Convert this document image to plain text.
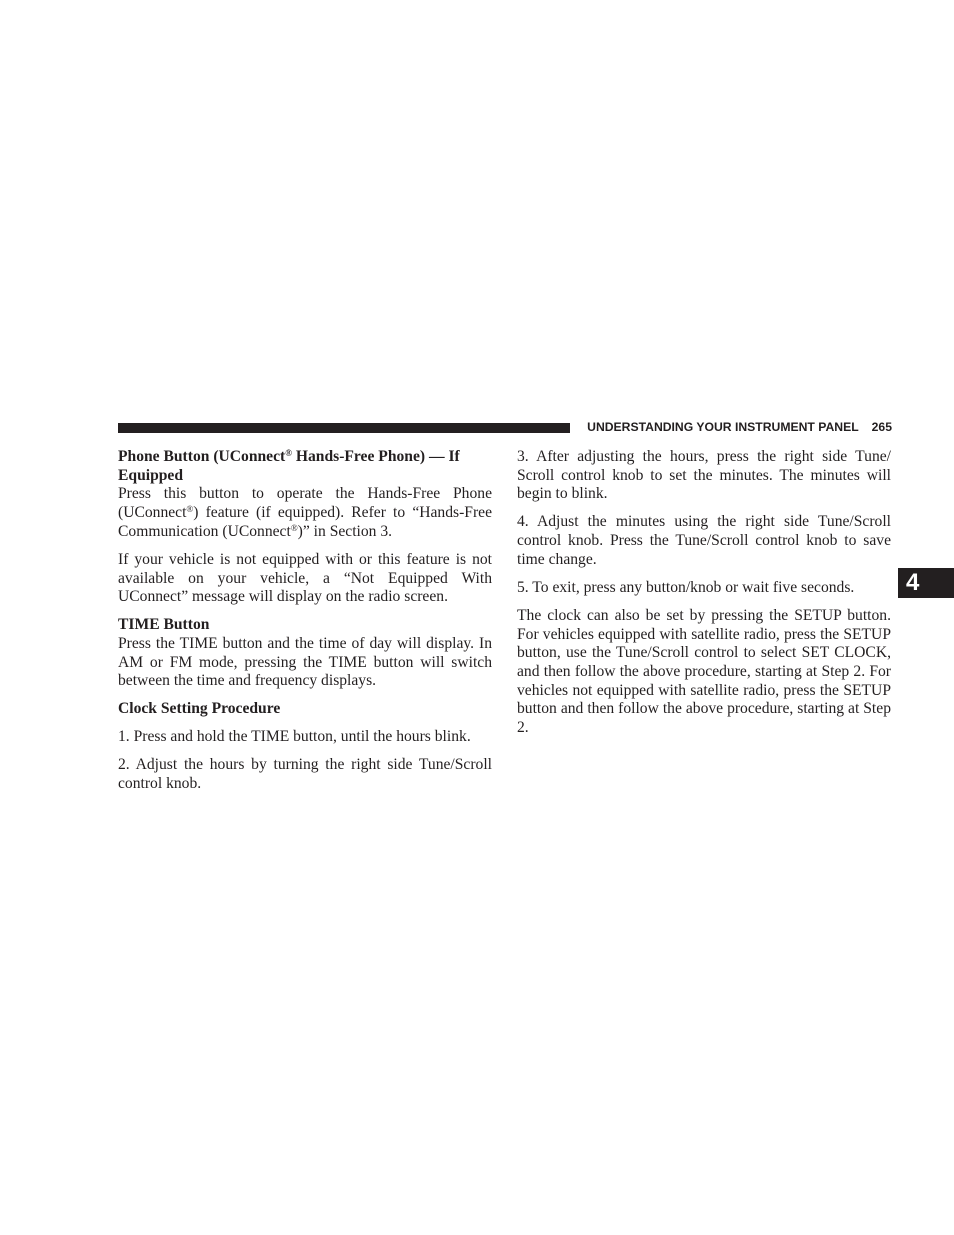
UNDERSTANDING YOUR INSTRUMENT PANEL 265
4

Phone Button (UConnect® Hands-Free Phone) — If Equipped

Press this button to operate the Hands-Free Phone (UConnect®) feature (if equipped). Refer to “Hands-Free Communication (UConnect®)” in Section 3.

If your vehicle is not equipped with or this feature is not available on your vehicle, a “Not Equipped With UConnect” message will display on the radio screen.

TIME Button

Press the TIME button and the time of day will display. In AM or FM mode, pressing the TIME button will switch between the time and frequency displays.

Clock Setting Procedure

1. Press and hold the TIME button, until the hours blink.

2. Adjust the hours by turning the right side Tune/Scroll control knob.

3. After adjusting the hours, press the right side Tune/ Scroll control knob to set the minutes. The minutes will begin to blink.

4. Adjust the minutes using the right side Tune/Scroll control knob. Press the Tune/Scroll control knob to save time change.

5. To exit, press any button/knob or wait five seconds.

The clock can also be set by pressing the SETUP button. For vehicles equipped with satellite radio, press the SETUP button, use the Tune/Scroll control to select SET CLOCK, and then follow the above procedure, starting at Step 2. For vehicles not equipped with satellite radio, press the SETUP button and then follow the above procedure, starting at Step 2.
